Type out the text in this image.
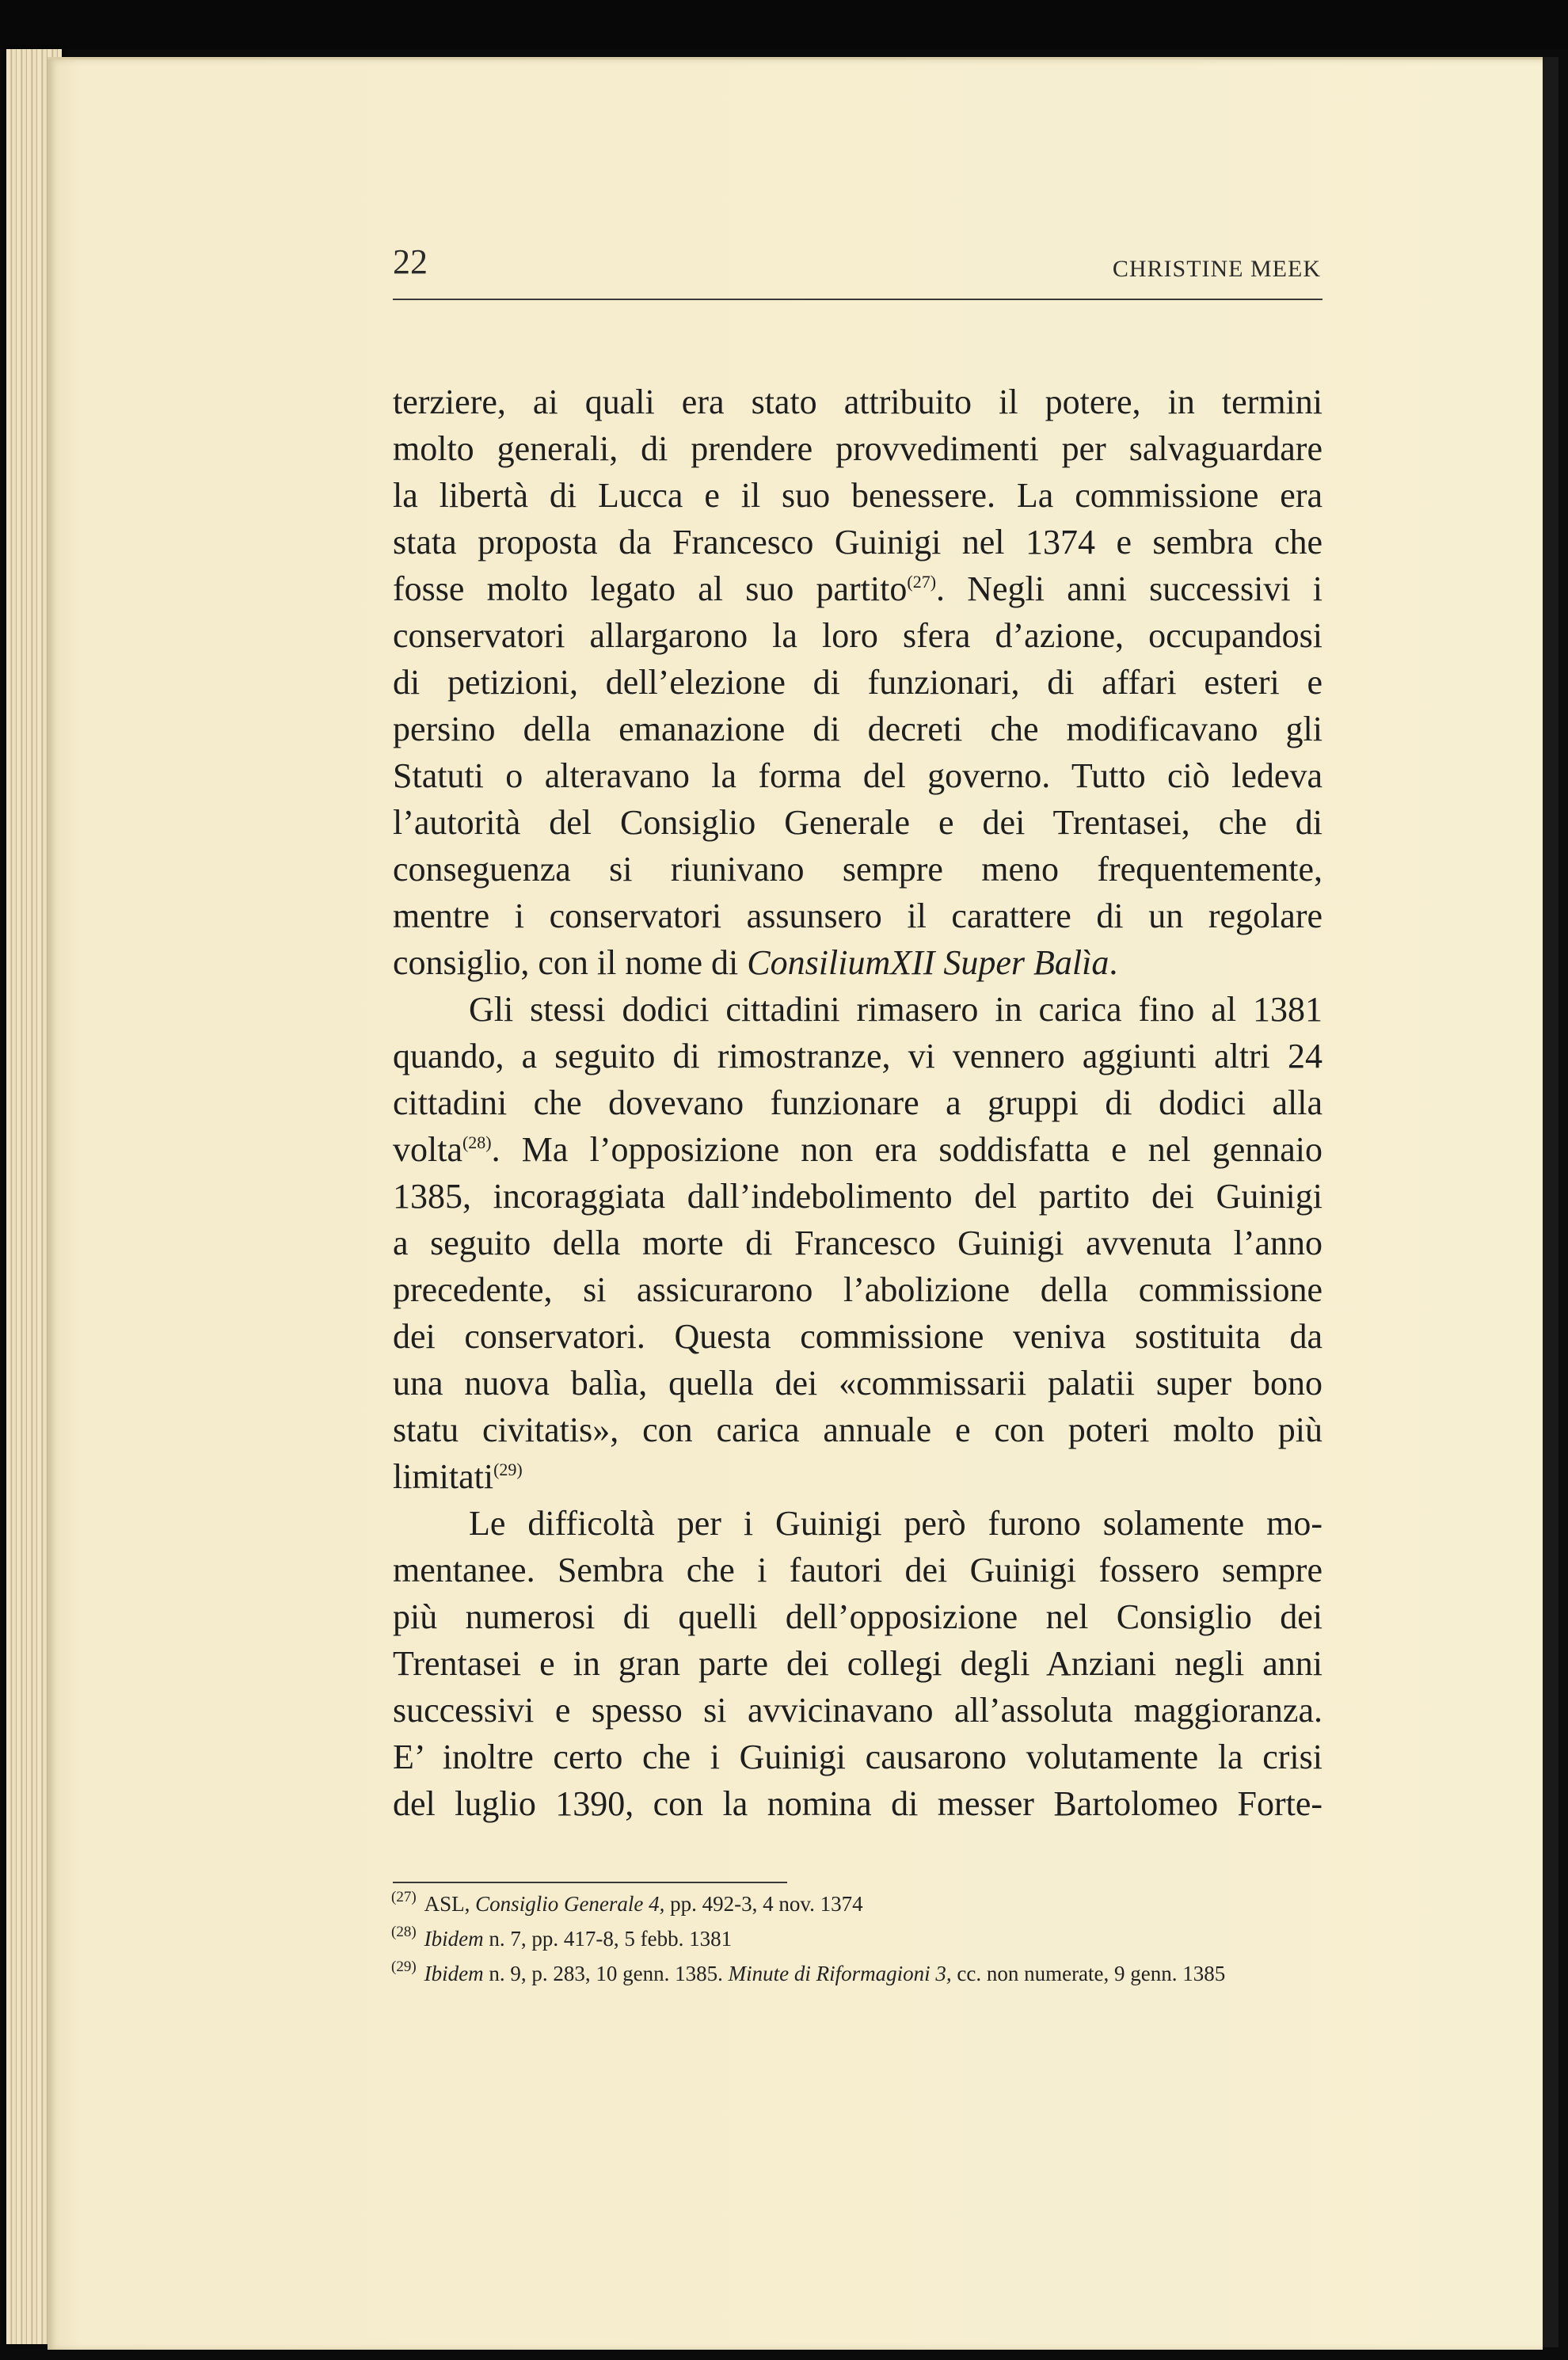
22	CHRISTINE MEEK
terziere, ai quali era stato attribuito il potere, in termini
molto generali, di prendere provvedimenti per salvaguardare
la libertà di Lucca e il suo benessere. La commissione era
stata proposta da Francesco Guinigi nel 1374 e sembra che
fosse molto legato al suo partito$^{(27)}$. Negli anni successivi i
conservatori allargarono la loro sfera d’azione, occupandosi
di petizioni, dell’elezione di funzionari, di affari esteri e
persino della emanazione di decreti che modificavano gli
Statuti o alteravano la forma del governo. Tutto ciò ledeva
l’autorità del Consiglio Generale e dei Trentasei, che di
conseguenza si riunivano sempre meno frequentemente,
mentre i conservatori assunsero il carattere di un regolare
consiglio, con il nome di ConsiliumXII Super Balìa.
Gli stessi dodici cittadini rimasero in carica fino al 1381
quando, a seguito di rimostranze, vi vennero aggiunti altri 24
cittadini che dovevano funzionare a gruppi di dodici alla
volta$^{(28)}$. Ma l’opposizione non era soddisfatta e nel gennaio
1385, incoraggiata dall’indebolimento del partito dei Guinigi
a seguito della morte di Francesco Guinigi avvenuta l’anno
precedente, si assicurarono l’abolizione della commissione
dei conservatori. Questa commissione veniva sostituita da
una nuova balìa, quella dei «commissarii palatii super bono
statu civitatis», con carica annuale e con poteri molto più
limitati$^{(29)}$
Le difficoltà per i Guinigi però furono solamente mo-
mentanee. Sembra che i fautori dei Guinigi fossero sempre
più numerosi di quelli dell’opposizione nel Consiglio dei
Trentasei e in gran parte dei collegi degli Anziani negli anni
successivi e spesso si avvicinavano all’assoluta maggioranza.
E’ inoltre certo che i Guinigi causarono volutamente la crisi
del luglio 1390, con la nomina di messer Bartolomeo Forte-
$^{(27)}$ ASL, Consiglio Generale 4, pp. 492-3, 4 nov. 1374
$^{(28)}$ Ibidem n. 7, pp. 417-8, 5 febb. 1381
$^{(29)}$ Ibidem n. 9, p. 283, 10 genn. 1385. Minute di Riformagioni 3, cc. non numerate, 9 genn. 1385
